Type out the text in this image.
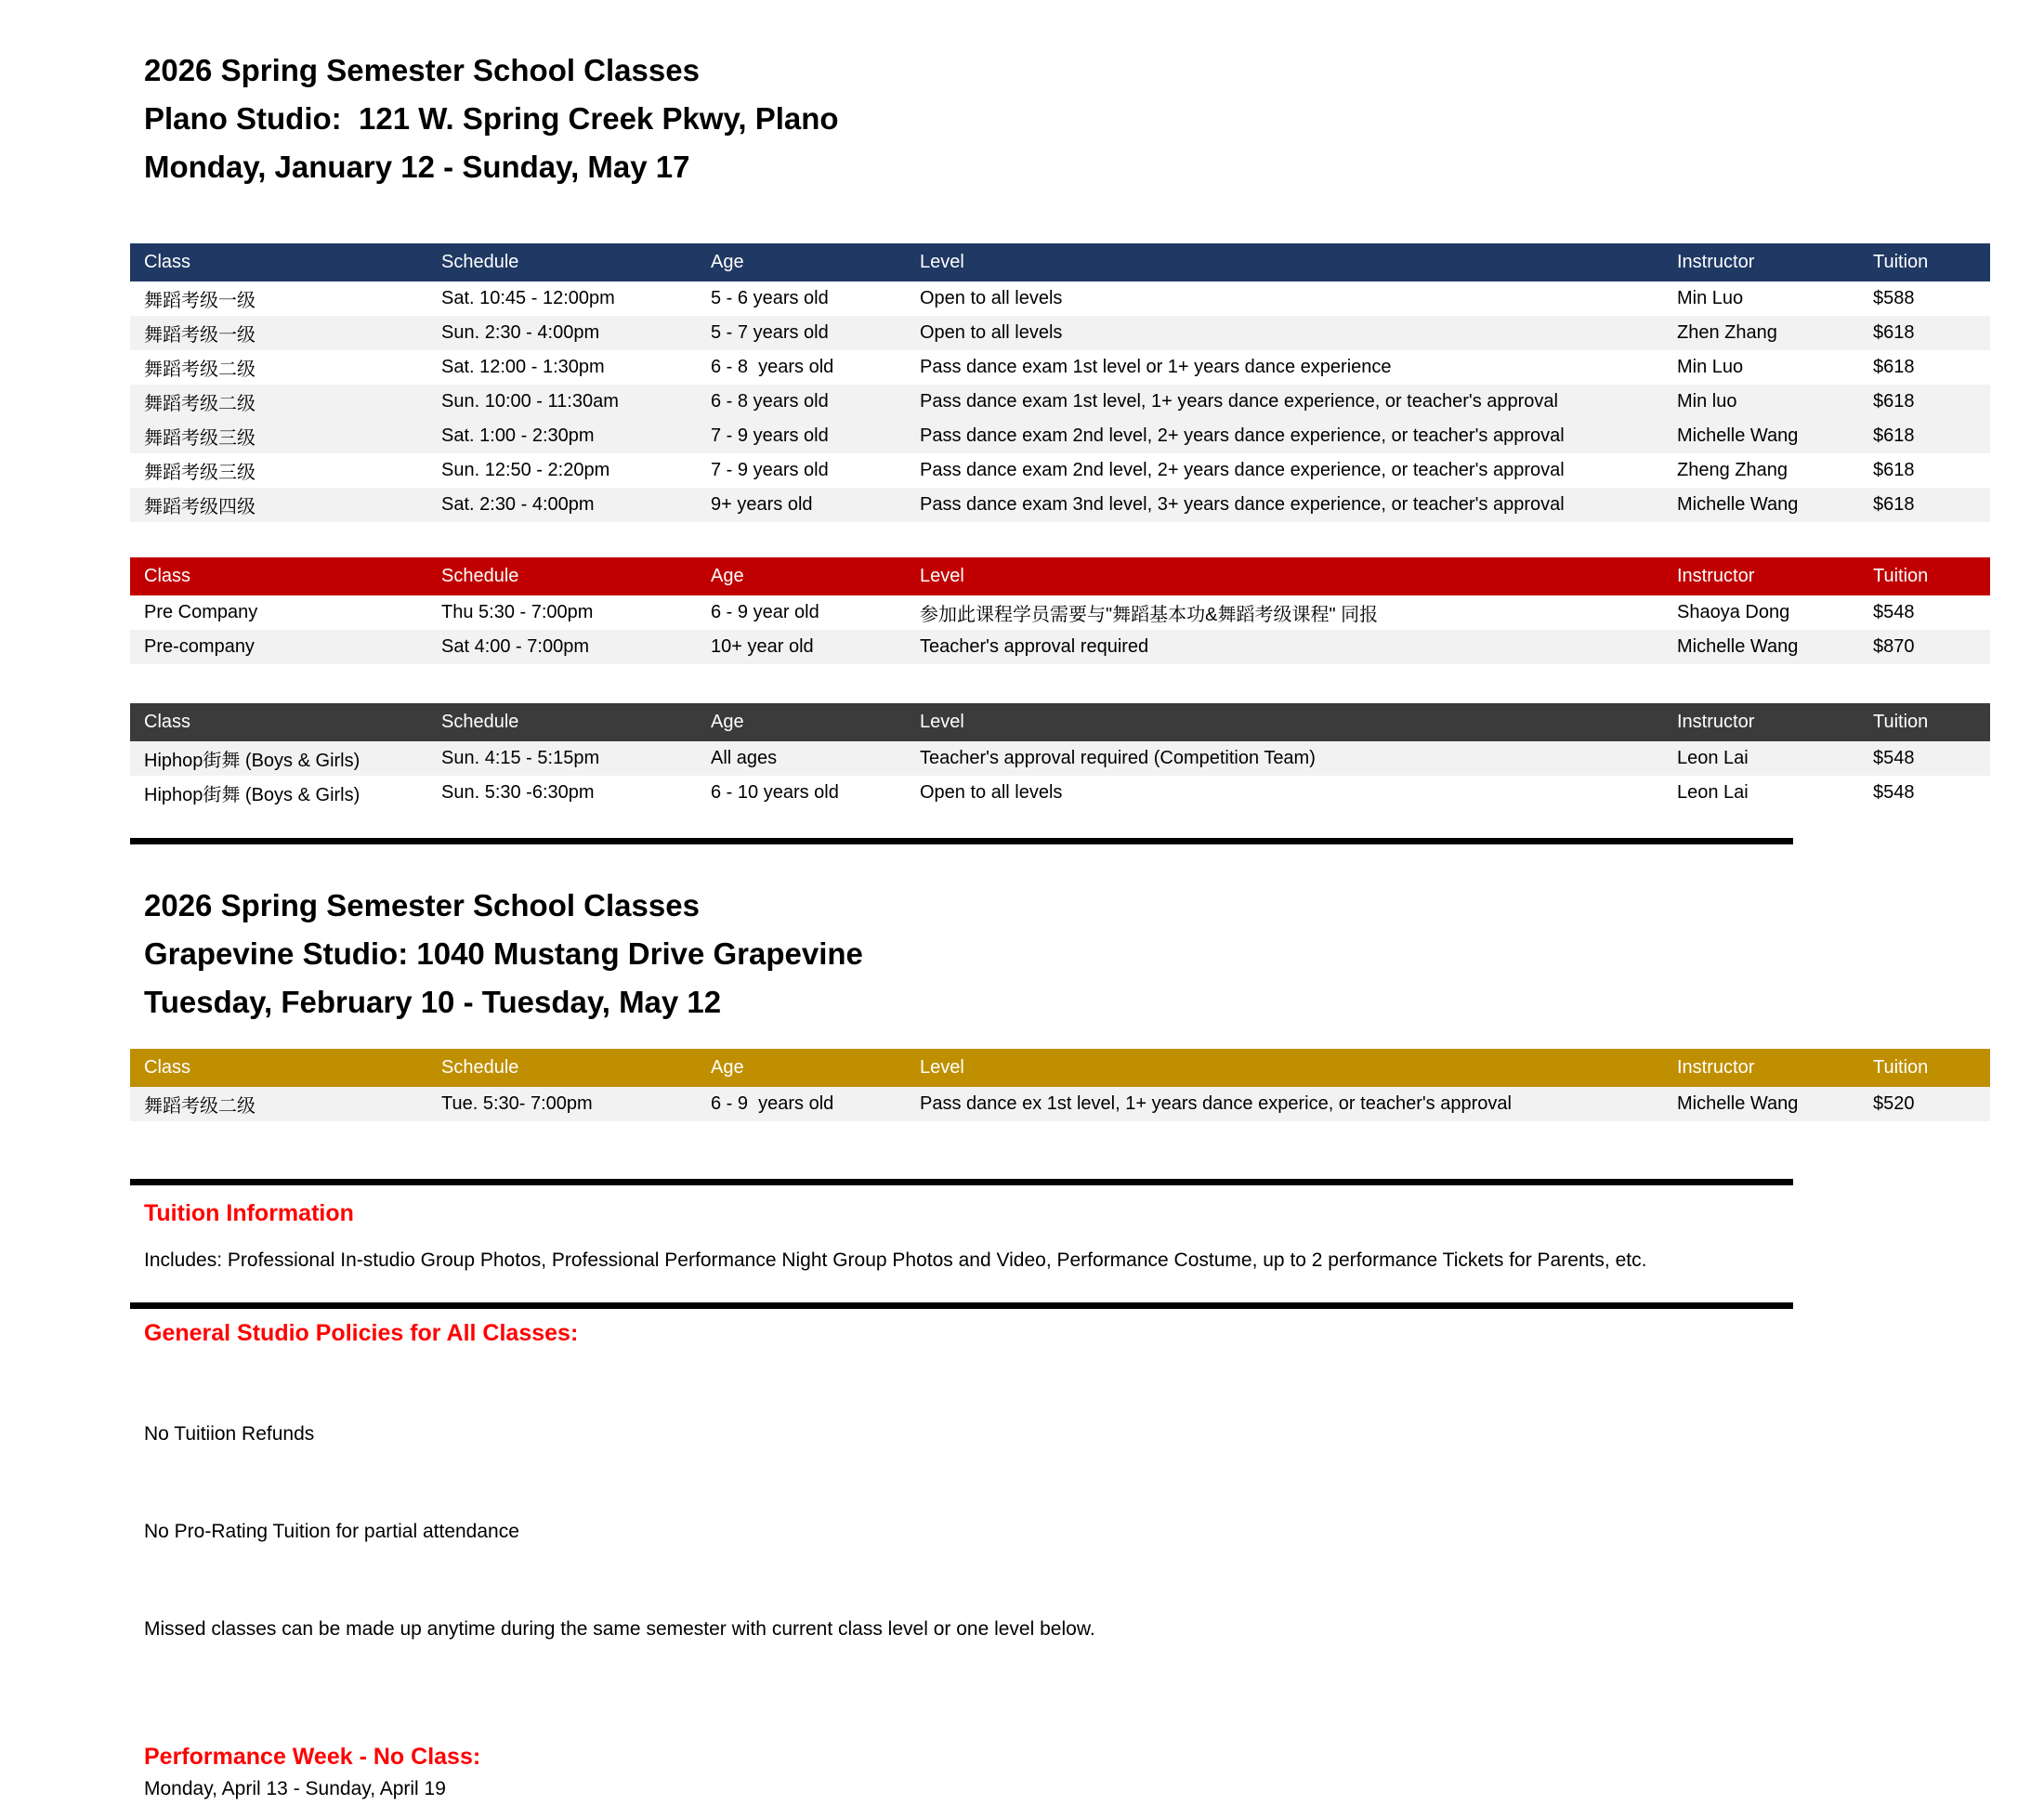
2026 Spring Semester School Classes
Plano Studio:  121 W. Spring Creek Pkwy, Plano
Monday, January 12 - Sunday, May 17
Class	Schedule	Age	Level	Instructor	Tuition
舞蹈考级一级	Sat. 10:45 - 12:00pm	5 - 6 years old	Open to all levels	Min Luo	$588
舞蹈考级一级	Sun. 2:30 - 4:00pm	5 - 7 years old	Open to all levels	Zhen Zhang	$618
舞蹈考级二级	Sat. 12:00 - 1:30pm	6 - 8  years old	Pass dance exam 1st level or 1+ years dance experience	Min Luo	$618
舞蹈考级二级	Sun. 10:00 - 11:30am	6 - 8 years old	Pass dance exam 1st level, 1+ years dance experience, or teacher's approval	Min luo	$618
舞蹈考级三级	Sat. 1:00 - 2:30pm	7 - 9 years old	Pass dance exam 2nd level, 2+ years dance experience, or teacher's approval	Michelle Wang	$618
舞蹈考级三级	Sun. 12:50 - 2:20pm	7 - 9 years old	Pass dance exam 2nd level, 2+ years dance experience, or teacher's approval	Zheng Zhang	$618
舞蹈考级四级	Sat. 2:30 - 4:00pm	9+ years old	Pass dance exam 3nd level, 3+ years dance experience, or teacher's approval	Michelle Wang	$618
Class	Schedule	Age	Level	Instructor	Tuition
Pre Company	Thu 5:30 - 7:00pm	6 - 9 year old	参加此课程学员需要与"舞蹈基本功&舞蹈考级课程" 同报	Shaoya Dong	$548
Pre-company	Sat 4:00 - 7:00pm	10+ year old	Teacher's approval required	Michelle Wang	$870
Class	Schedule	Age	Level	Instructor	Tuition
Hiphop街舞 (Boys & Girls)	Sun. 4:15 - 5:15pm	All ages	Teacher's approval required (Competition Team)	Leon Lai	$548
Hiphop街舞 (Boys & Girls)	Sun. 5:30 -6:30pm	6 - 10 years old	Open to all levels	Leon Lai	$548
2026 Spring Semester School Classes
Grapevine Studio: 1040 Mustang Drive Grapevine
Tuesday, February 10 - Tuesday, May 12
Class	Schedule	Age	Level	Instructor	Tuition
舞蹈考级二级	Tue. 5:30- 7:00pm	6 - 9  years old	Pass dance ex 1st level, 1+ years dance experice, or teacher's approval	Michelle Wang	$520
Tuition Information
Includes: Professional In-studio Group Photos, Professional Performance Night Group Photos and Video, Performance Costume, up to 2 performance Tickets for Parents, etc.
General Studio Policies for All Classes:

No Tuitiion Refunds

No Pro-Rating Tuition for partial attendance

Missed classes can be made up anytime during the same semester with current class level or one level below.

Performance Week - No Class:
Monday, April 13 - Sunday, April 19
